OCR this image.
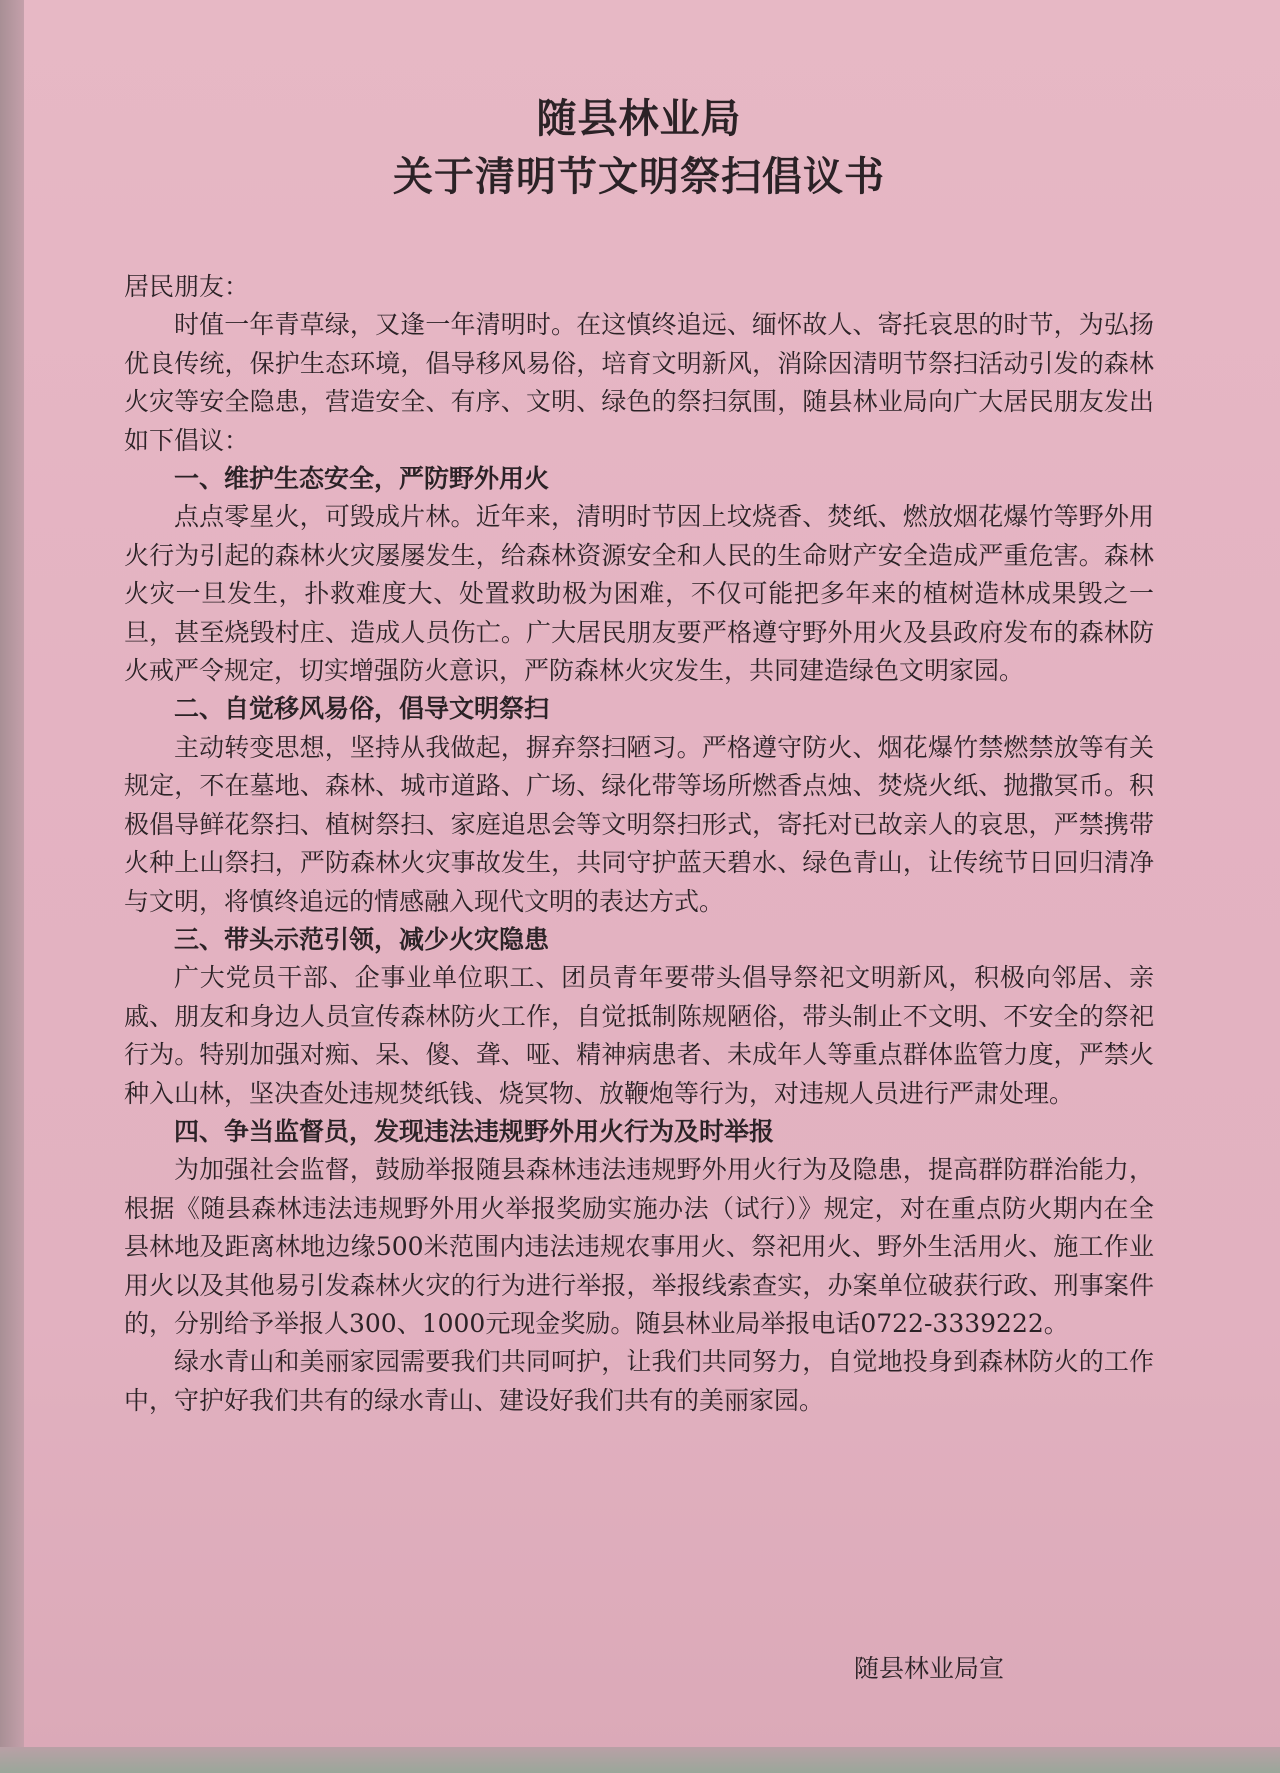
随县林业局
关于清明节文明祭扫倡议书

居民朋友：

时值一年青草绿，又逢一年清明时。在这慎终追远、缅怀故人、寄托哀思的时节，为弘扬优良传统，保护生态环境，倡导移风易俗，培育文明新风，消除因清明节祭扫活动引发的森林火灾等安全隐患，营造安全、有序、文明、绿色的祭扫氛围，随县林业局向广大居民朋友发出如下倡议：

一、维护生态安全，严防野外用火

点点零星火，可毁成片林。近年来，清明时节因上坟烧香、焚纸、燃放烟花爆竹等野外用火行为引起的森林火灾屡屡发生，给森林资源安全和人民的生命财产安全造成严重危害。森林火灾一旦发生，扑救难度大、处置救助极为困难，不仅可能把多年来的植树造林成果毁之一旦，甚至烧毁村庄、造成人员伤亡。广大居民朋友要严格遵守野外用火及县政府发布的森林防火戒严令规定，切实增强防火意识，严防森林火灾发生，共同建造绿色文明家园。

二、自觉移风易俗，倡导文明祭扫

主动转变思想，坚持从我做起，摒弃祭扫陋习。严格遵守防火、烟花爆竹禁燃禁放等有关规定，不在墓地、森林、城市道路、广场、绿化带等场所燃香点烛、焚烧火纸、抛撒冥币。积极倡导鲜花祭扫、植树祭扫、家庭追思会等文明祭扫形式，寄托对已故亲人的哀思，严禁携带火种上山祭扫，严防森林火灾事故发生，共同守护蓝天碧水、绿色青山，让传统节日回归清净与文明，将慎终追远的情感融入现代文明的表达方式。

三、带头示范引领，减少火灾隐患

广大党员干部、企事业单位职工、团员青年要带头倡导祭祀文明新风，积极向邻居、亲戚、朋友和身边人员宣传森林防火工作，自觉抵制陈规陋俗，带头制止不文明、不安全的祭祀行为。特别加强对痴、呆、傻、聋、哑、精神病患者、未成年人等重点群体监管力度，严禁火种入山林，坚决查处违规焚纸钱、烧冥物、放鞭炮等行为，对违规人员进行严肃处理。

四、争当监督员，发现违法违规野外用火行为及时举报

为加强社会监督，鼓励举报随县森林违法违规野外用火行为及隐患，提高群防群治能力，根据《随县森林违法违规野外用火举报奖励实施办法（试行）》规定，对在重点防火期内在全县林地及距离林地边缘500米范围内违法违规农事用火、祭祀用火、野外生活用火、施工作业用火以及其他易引发森林火灾的行为进行举报，举报线索查实，办案单位破获行政、刑事案件的，分别给予举报人300、1000元现金奖励。随县林业局举报电话0722-3339222。

绿水青山和美丽家园需要我们共同呵护，让我们共同努力，自觉地投身到森林防火的工作中，守护好我们共有的绿水青山、建设好我们共有的美丽家园。

随县林业局宣
